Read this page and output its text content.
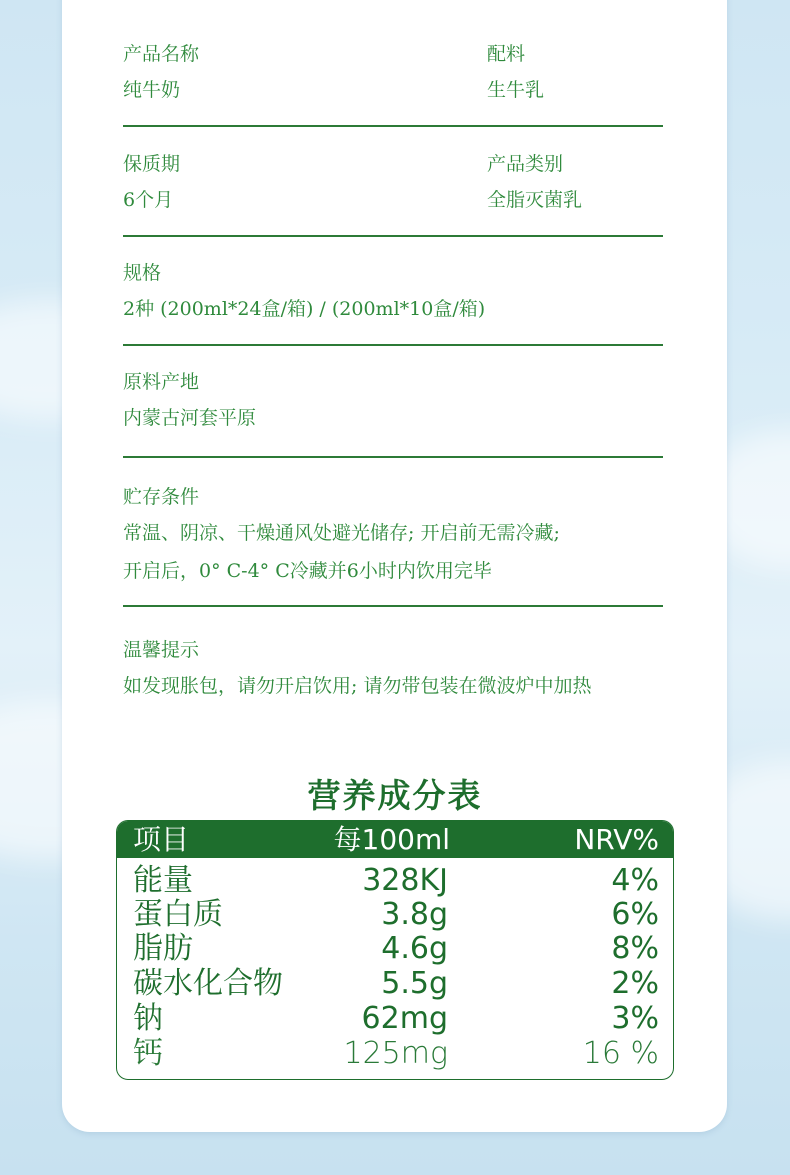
产品名称
纯牛奶
配料
生牛乳
保质期
6个月
产品类别
全脂灭菌乳
规格
2种 (200ml*24盒/箱) / (200ml*10盒/箱)
原料产地
内蒙古河套平原
贮存条件
常温、阴凉、干燥通风处避光储存; 开启前无需冷藏;
开启后，0° C-4° C冷藏并6小时内饮用完毕
温馨提示
如发现胀包，请勿开启饮用; 请勿带包装在微波炉中加热
营养成分表
项目	每100ml	NRV%
能量	328KJ	4%
蛋白质	3.8g	6%
脂肪	4.6g	8%
碳水化合物	5.5g	2%
钠	62mg	3%
钙	125mg	16 %
